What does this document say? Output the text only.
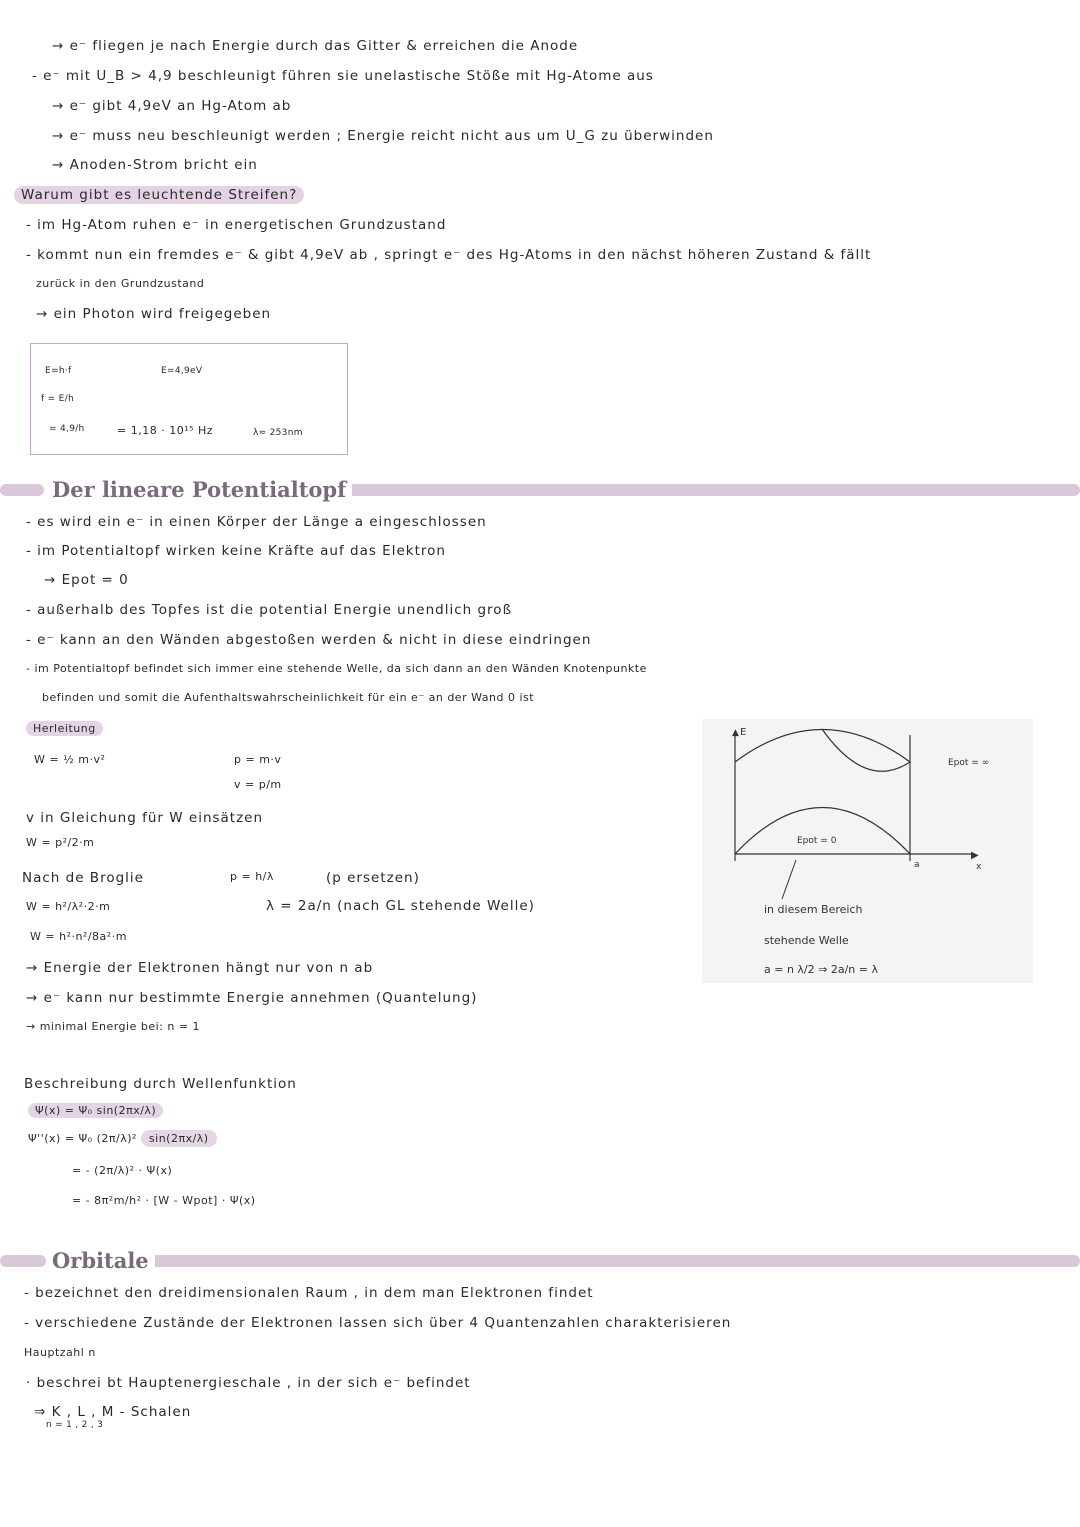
→ e⁻ fliegen je nach Energie durch das Gitter & erreichen die Anode
- e⁻ mit U_B > 4,9 beschleunigt führen sie unelastische Stöße mit Hg-Atome aus
→ e⁻ gibt 4,9eV an Hg-Atom ab
→ e⁻ muss neu beschleunigt werden ; Energie reicht nicht aus um U_G zu überwinden
→ Anoden-Strom bricht ein
Warum gibt es leuchtende Streifen?
- im Hg-Atom ruhen e⁻ in energetischen Grundzustand
- kommt nun ein fremdes e⁻ & gibt 4,9eV ab , springt e⁻ des Hg-Atoms in den nächst höheren Zustand & fällt
zurück in den Grundzustand
→ ein Photon wird freigegeben
E=h·f	E=4,9eV
f = E/h
= 4,9/h	= 1,18 · 10¹⁵ Hz	λ≈ 253nm
Der lineare Potentialtopf
- es wird ein e⁻ in einen Körper der Länge a eingeschlossen
- im Potentialtopf wirken keine Kräfte auf das Elektron
→ Epot = 0
- außerhalb des Topfes ist die potential Energie unendlich groß
- e⁻ kann an den Wänden abgestoßen werden & nicht in diese eindringen
- im Potentialtopf befindet sich immer eine stehende Welle, da sich dann an den Wänden Knotenpunkte
befinden und somit die Aufenthaltswahrscheinlichkeit für ein e⁻ an der Wand 0 ist
Herleitung
W = ½ m·v²	p = m·v
v = p/m
v in Gleichung für W einsätzen
W = p²/2·m
Nach de Broglie	p = h/λ	(p ersetzen)
W = h²/λ²·2·m	λ = 2a/n (nach GL stehende Welle)
W = h²·n²/8a²·m
→ Energie der Elektronen hängt nur von n ab
→ e⁻ kann nur bestimmte Energie annehmen (Quantelung)
→ minimal Energie bei: n = 1
▲ E
▶
Epot = ∞
Epot = 0
a	x
in diesem Bereich
stehende Welle
a = n λ/2 ⇒ 2a/n = λ
Beschreibung durch Wellenfunktion
Ψ(x) = Ψ₀ sin(2πx/λ)
Ψ''(x) = Ψ₀ (2π/λ)² sin(2πx/λ)
= - (2π/λ)² · Ψ(x)
= - 8π²m/h² · [W - Wpot] · Ψ(x)
Orbitale
- bezeichnet den dreidimensionalen Raum , in dem man Elektronen findet
- verschiedene Zustände der Elektronen lassen sich über 4 Quantenzahlen charakterisieren
Hauptzahl n
· beschrei bt Hauptenergieschale , in der sich e⁻ befindet
⇒ K , L , M - Schalen
n = 1 , 2 , 3
